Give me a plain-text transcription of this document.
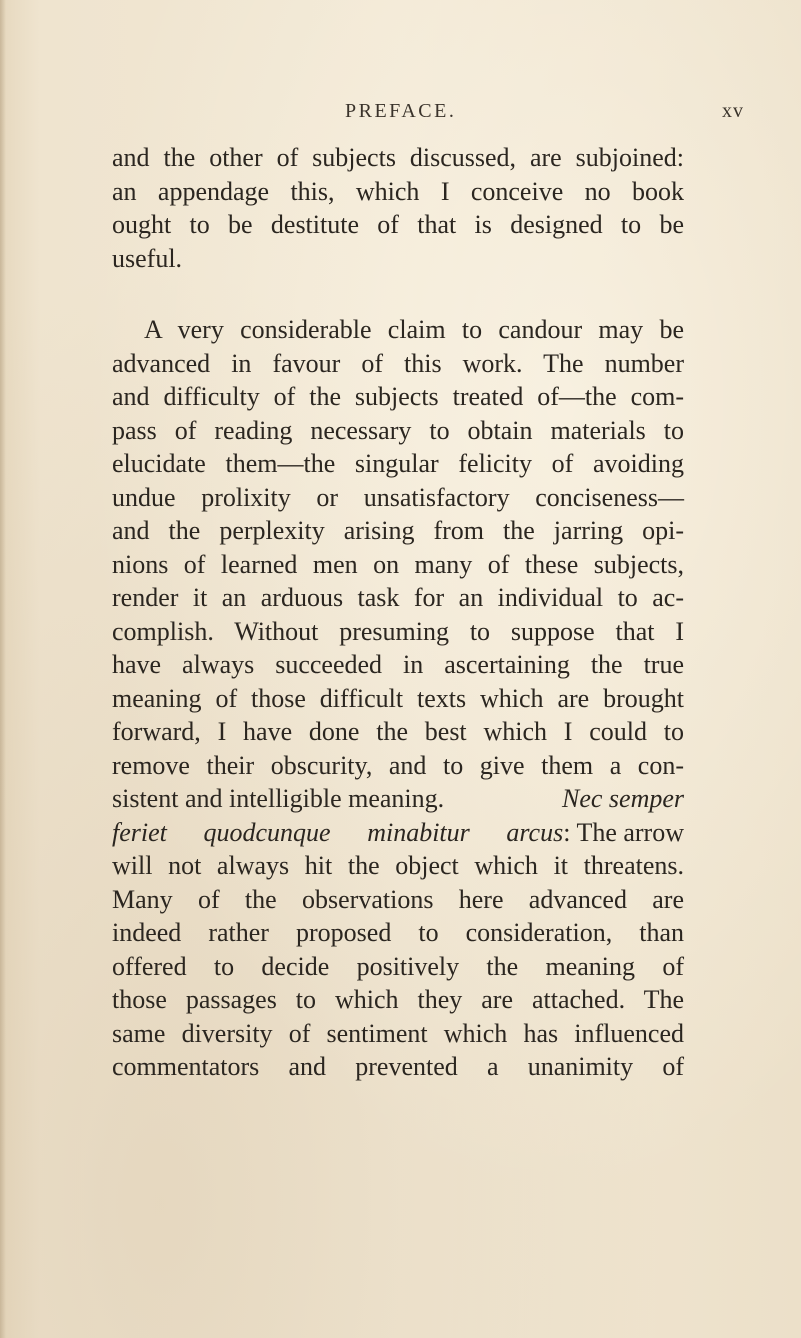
PREFACE.	xv
and the other of subjects discussed, are subjoined:
an appendage this, which I conceive no book
ought to be destitute of that is designed to be
useful.
A very considerable claim to candour may be
advanced in favour of this work. The number
and difficulty of the subjects treated of—the com-
pass of reading necessary to obtain materials to
elucidate them—the singular felicity of avoiding
undue prolixity or unsatisfactory conciseness—
and the perplexity arising from the jarring opi-
nions of learned men on many of these subjects,
render it an arduous task for an individual to ac-
complish. Without presuming to suppose that I
have always succeeded in ascertaining the true
meaning of those difficult texts which are brought
forward, I have done the best which I could to
remove their obscurity, and to give them a con-
sistent and intelligible meaning.	Nec semper
feriet quodcunque minabitur arcus : The arrow
will not always hit the object which it threatens.
Many of the observations here advanced are
indeed rather proposed to consideration, than
offered to decide positively the meaning of
those passages to which they are attached. The
same diversity of sentiment which has influenced
commentators and prevented a unanimity of
